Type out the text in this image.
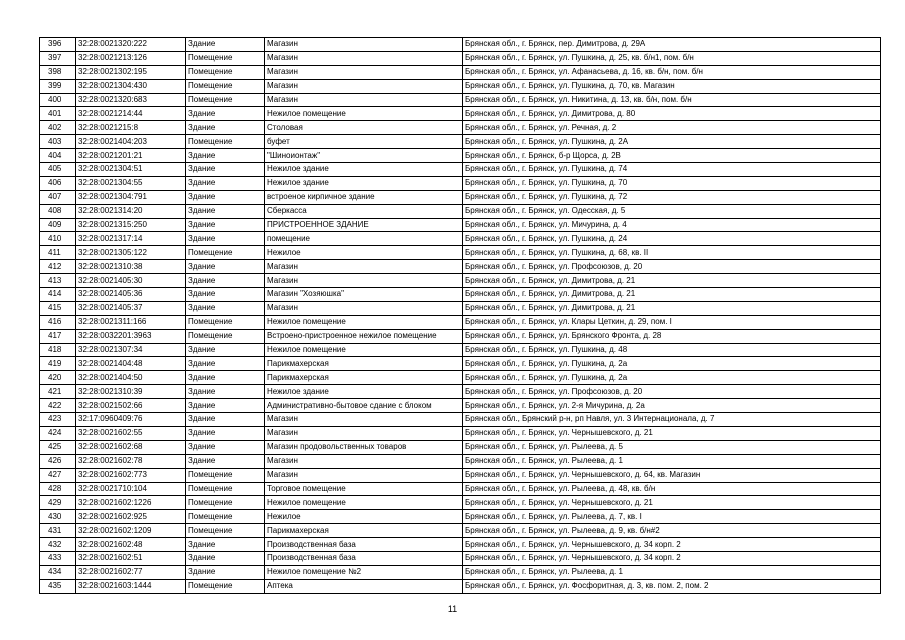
396	32:28:0021320:222	Здание	Магазин	Брянская обл., г. Брянск, пер. Димитрова, д. 29А
397	32:28:0021213:126	Помещение	Магазин	Брянская обл., г. Брянск, ул. Пушкина, д. 25, кв. б/н1, пом. б/н
398	32:28:0021302:195	Помещение	Магазин	Брянская обл., г. Брянск, ул. Афанасьева, д. 16, кв. б/н, пом. б/н
399	32:28:0021304:430	Помещение	Магазин	Брянская обл., г. Брянск, ул. Пушкина, д. 70, кв. Магазин
400	32:28:0021320:683	Помещение	Магазин	Брянская обл., г. Брянск, ул. Никитина, д. 13, кв. б/н, пом. б/н
401	32:28:0021214:44	Здание	Нежилое помещение	Брянская обл., г. Брянск, ул. Димитрова, д. 80
402	32:28:0021215:8	Здание	Столовая	Брянская обл., г. Брянск, ул. Речная, д. 2
403	32:28:0021404:203	Помещение	буфет	Брянская обл., г. Брянск, ул. Пушкина, д. 2А
404	32:28:0021201:21	Здание	"Шиноионтаж"	Брянская обл., г. Брянск, б-р Щорса, д. 2В
405	32:28:0021304:51	Здание	Нежилое здание	Брянская обл., г. Брянск, ул. Пушкина, д. 74
406	32:28:0021304:55	Здание	Нежилое здание	Брянская обл., г. Брянск, ул. Пушкина, д. 70
407	32:28:0021304:791	Здание	встроеное кирпичное здание	Брянская обл., г. Брянск, ул. Пушкина, д. 72
408	32:28:0021314:20	Здание	Сберкасса	Брянская обл., г. Брянск, ул. Одесская, д. 5
409	32:28:0021315:250	Здание	ПРИСТРОЕННОЕ ЗДАНИЕ	Брянская обл., г. Брянск, ул. Мичурина, д. 4
410	32:28:0021317:14	Здание	помещение	Брянская обл., г. Брянск, ул. Пушкина, д. 24
411	32:28:0021305:122	Помещение	Нежилое	Брянская обл., г. Брянск, ул. Пушкина, д. 68, кв. II
412	32:28:0021310:38	Здание	Магазин	Брянская обл., г. Брянск, ул. Профсоюзов, д. 20
413	32:28:0021405:30	Здание	Магазин	Брянская обл., г. Брянск, ул. Димитрова, д. 21
414	32:28:0021405:36	Здание	Магазин "Хозяюшка"	Брянская обл., г. Брянск, ул. Димитрова, д. 21
415	32:28:0021405:37	Здание	Магазин	Брянская обл., г. Брянск, ул. Димитрова, д. 21
416	32:28:0021311:166	Помещение	Нежилое помещение	Брянская обл., г. Брянск, ул. Клары Цеткин, д. 29, пом. I
417	32:28:0032201:3963	Помещение	Встроено-пристроенное нежилое помещение	Брянская обл., г. Брянск, ул. Брянского Фронта, д. 28
418	32:28:0021307:34	Здание	Нежилое помещение	Брянская обл., г. Брянск, ул. Пушкина, д. 48
419	32:28:0021404:48	Здание	Парикмахерская	Брянская обл., г. Брянск, ул. Пушкина, д. 2а
420	32:28:0021404:50	Здание	Парикмахерская	Брянская обл., г. Брянск, ул. Пушкина, д. 2а
421	32:28:0021310:39	Здание	Нежилое здание	Брянская обл., г. Брянск, ул. Профсоюзов, д. 20
422	32:28:0021502:66	Здание	Административно-бытовое сдание с блоком	Брянская обл., г. Брянск, ул. 2-я Мичурина, д. 2а
423	32:17:0960409:76	Здание	Магазин	Брянская обл., Брянский р-н, рп Навля, ул. 3 Интернационала, д. 7
424	32:28:0021602:55	Здание	Магазин	Брянская обл., г. Брянск, ул. Чернышевского, д. 21
425	32:28:0021602:68	Здание	Магазин продовольственных товаров	Брянская обл., г. Брянск, ул. Рылеева, д. 5
426	32:28:0021602:78	Здание	Магазин	Брянская обл., г. Брянск, ул. Рылеева, д. 1
427	32:28:0021602:773	Помещение	Магазин	Брянская обл., г. Брянск, ул. Чернышевского, д. 64, кв. Магазин
428	32:28:0021710:104	Помещение	Торговое помещение	Брянская обл., г. Брянск, ул. Рылеева, д. 48, кв. б/н
429	32:28:0021602:1226	Помещение	Нежилое помещение	Брянская обл., г. Брянск, ул. Чернышевского, д. 21
430	32:28:0021602:925	Помещение	Нежилое	Брянская обл., г. Брянск, ул. Рылеева, д. 7, кв. I
431	32:28:0021602:1209	Помещение	Парикмахерская	Брянская обл., г. Брянск, ул. Рылеева, д. 9, кв. б/н#2
432	32:28:0021602:48	Здание	Производственная база	Брянская обл., г. Брянск, ул. Чернышевского, д. 34 корп. 2
433	32:28:0021602:51	Здание	Производственная база	Брянская обл., г. Брянск, ул. Чернышевского, д. 34 корп. 2
434	32:28:0021602:77	Здание	Нежилое помещение №2	Брянская обл., г. Брянск, ул. Рылеева, д. 1
435	32:28:0021603:1444	Помещение	Аптека	Брянская обл., г. Брянск, ул. Фосфоритная, д. 3, кв. пом. 2, пом. 2
11
